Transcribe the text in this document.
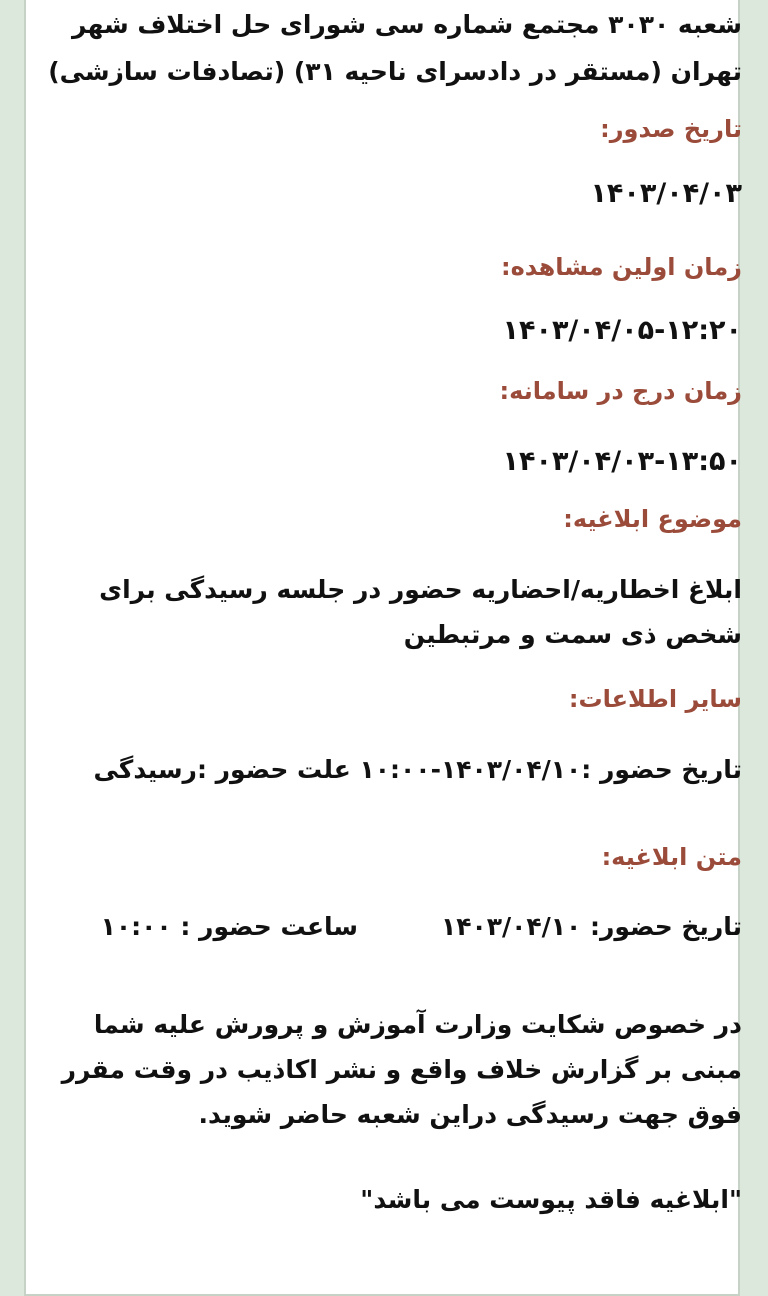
شعبه ۳۰۳۰ مجتمع شماره سی شورای حل اختلاف شهر
تهران (مستقر در دادسرای ناحیه ۳۱) (تصادفات سازشی)
تاریخ صدور:
۱۴۰۳/۰۴/۰۳
زمان اولین مشاهده:
۱۴۰۳/۰۴/۰۵-۱۲:۲۰
زمان درج در سامانه:
۱۴۰۳/۰۴/۰۳-۱۳:۵۰
موضوع ابلاغیه:
ابلاغ اخطاریه/احضاریه حضور در جلسه رسیدگی برای
شخص ذی سمت و مرتبطین
سایر اطلاعات:
تاریخ حضور :۱۴۰۳/۰۴/۱۰-۱۰:۰۰ علت حضور :رسیدگی
متن ابلاغیه:
تاریخ حضور: ۱۴۰۳/۰۴/۱۰
ساعت حضور : ۱۰:۰۰
در خصوص شکایت وزارت آموزش و پرورش علیه شما
مبنی بر گزارش خلاف واقع و نشر اکاذیب در وقت مقرر
فوق جهت رسیدگی دراین شعبه حاضر شوید.
"ابلاغیه فاقد پیوست می باشد"
